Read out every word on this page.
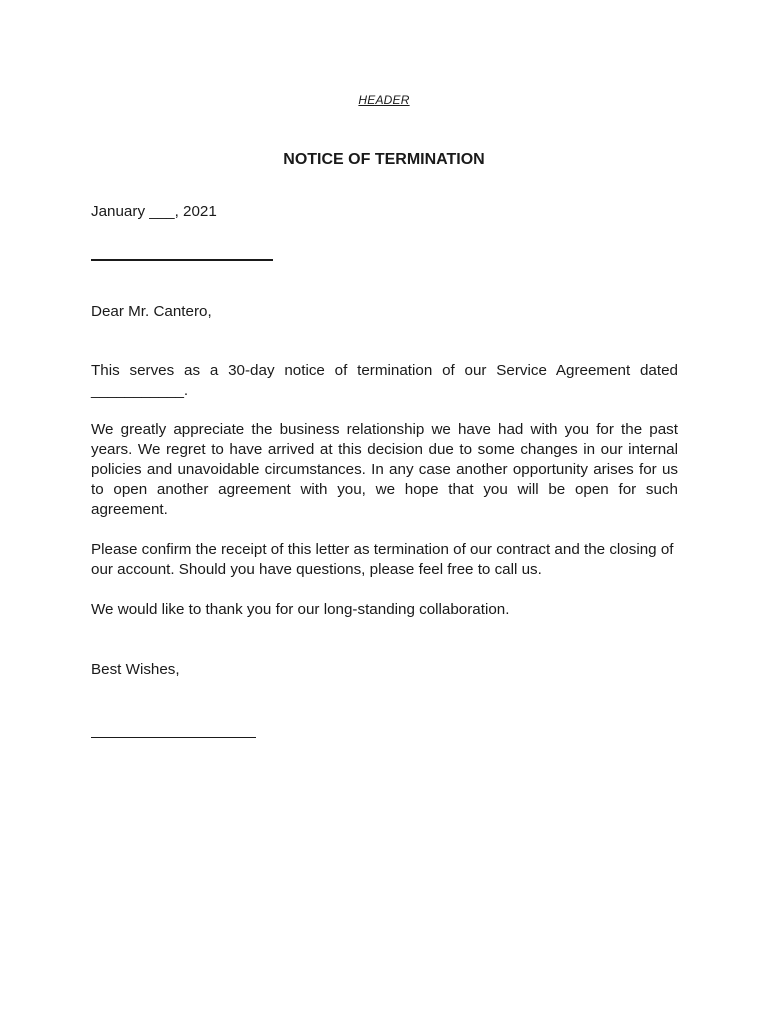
HEADER
NOTICE OF TERMINATION
January ___, 2021
Dear Mr. Cantero,
This serves as a 30-day notice of termination of our Service Agreement dated ___________.
We greatly appreciate the business relationship we have had with you for the past years. We regret to have arrived at this decision due to some changes in our internal policies and unavoidable circumstances. In any case another opportunity arises for us to open another agreement with you, we hope that you will be open for such agreement.
Please confirm the receipt of this letter as termination of our contract and the closing of our account. Should you have questions, please feel free to call us.
We would like to thank you for our long-standing collaboration.
Best Wishes,
